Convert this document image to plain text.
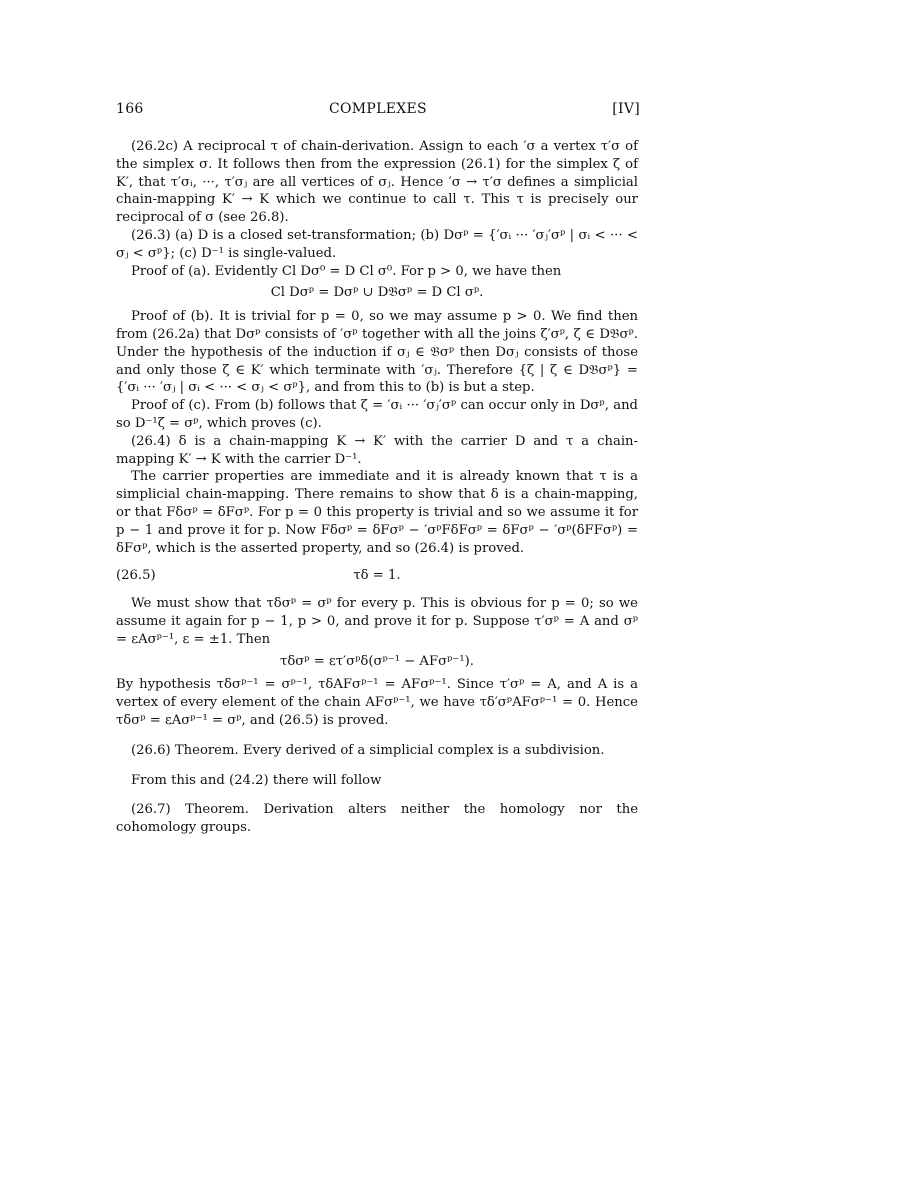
166	COMPLEXES	[IV]

(26.2c) A reciprocal τ of chain-derivation. Assign to each ′σ a vertex τ′σ of the simplex σ. It follows then from the expression (26.1) for the simplex ζ of K′, that τ′σᵢ, ···, τ′σⱼ are all vertices of σⱼ. Hence ′σ → τ′σ defines a simplicial chain-mapping K′ → K which we continue to call τ. This τ is precisely our reciprocal of σ (see 26.8).

(26.3) (a) D is a closed set-transformation; (b) Dσᵖ = {′σᵢ ··· ′σⱼ′σᵖ | σᵢ < ··· < σⱼ < σᵖ}; (c) D⁻¹ is single-valued.

Proof of (a). Evidently Cl Dσ⁰ = D Cl σ⁰. For p > 0, we have then

Cl Dσᵖ = Dσᵖ ∪ D𝔅σᵖ = D Cl σᵖ.

Proof of (b). It is trivial for p = 0, so we may assume p > 0. We find then from (26.2a) that Dσᵖ consists of ′σᵖ together with all the joins ζ′σᵖ, ζ ∈ D𝔅σᵖ. Under the hypothesis of the induction if σⱼ ∈ 𝔅σᵖ then Dσⱼ consists of those and only those ζ ∈ K′ which terminate with ′σⱼ. Therefore {ζ | ζ ∈ D𝔅σᵖ} = {′σᵢ ··· ′σⱼ | σᵢ < ··· < σⱼ < σᵖ}, and from this to (b) is but a step.

Proof of (c). From (b) follows that ζ = ′σᵢ ··· ′σⱼ′σᵖ can occur only in Dσᵖ, and so D⁻¹ζ = σᵖ, which proves (c).

(26.4) δ is a chain-mapping K → K′ with the carrier D and τ a chain-mapping K′ → K with the carrier D⁻¹.

The carrier properties are immediate and it is already known that τ is a simplicial chain-mapping. There remains to show that δ is a chain-mapping, or that Fδσᵖ = δFσᵖ. For p = 0 this property is trivial and so we assume it for p − 1 and prove it for p. Now Fδσᵖ = δFσᵖ − ′σᵖFδFσᵖ = δFσᵖ − ′σᵖ(δFFσᵖ) = δFσᵖ, which is the asserted property, and so (26.4) is proved.

(26.5)	τδ = 1.

We must show that τδσᵖ = σᵖ for every p. This is obvious for p = 0; so we assume it again for p − 1, p > 0, and prove it for p. Suppose τ′σᵖ = A and σᵖ = εAσᵖ⁻¹, ε = ±1. Then

τδσᵖ = ετ′σᵖδ(σᵖ⁻¹ − AFσᵖ⁻¹).

By hypothesis τδσᵖ⁻¹ = σᵖ⁻¹, τδAFσᵖ⁻¹ = AFσᵖ⁻¹. Since τ′σᵖ = A, and A is a vertex of every element of the chain AFσᵖ⁻¹, we have τδ′σᵖAFσᵖ⁻¹ = 0. Hence τδσᵖ = εAσᵖ⁻¹ = σᵖ, and (26.5) is proved.

(26.6) Theorem. Every derived of a simplicial complex is a subdivision.

From this and (24.2) there will follow

(26.7) Theorem. Derivation alters neither the homology nor the cohomology groups.
